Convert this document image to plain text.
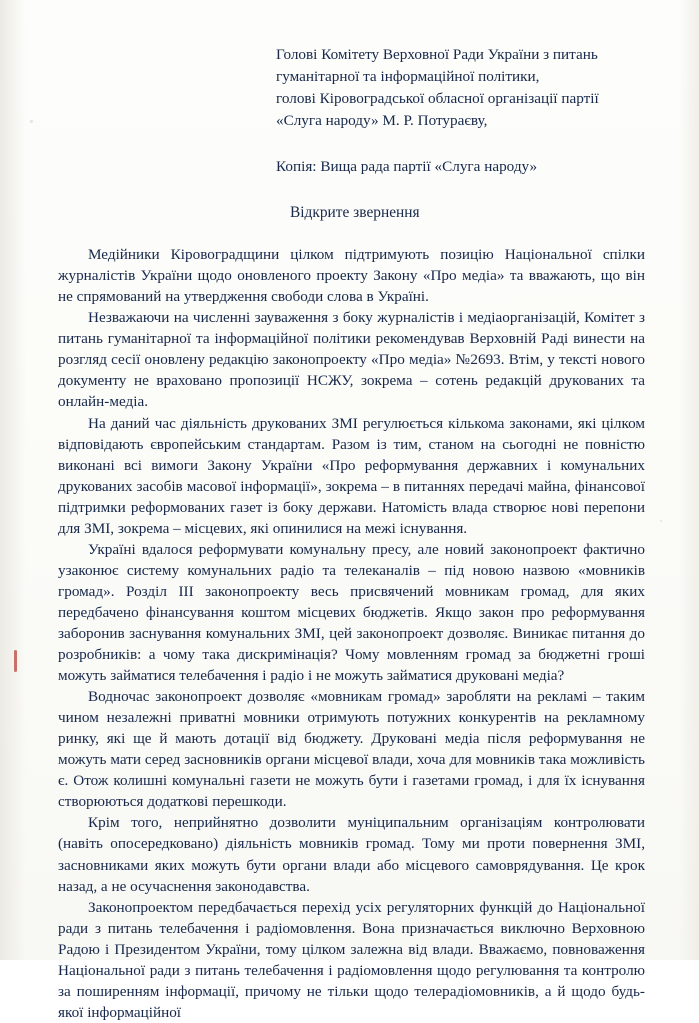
Голові Комітету Верховної Ради України з питань

гуманітарної та інформаційної політики,

голові Кіровоградської обласної організації партії

«Слуга народу» М. Р. Потураєву,

Копія: Вища рада партії «Слуга народу»
Відкрите звернення

Медійники Кіровоградщини цілком підтримують позицію Національної спілки журналістів України щодо оновленого проекту Закону «Про медіа» та вважають, що він не спрямований на утвердження свободи слова в Україні.

Незважаючи на численні зауваження з боку журналістів і медіаорганізацій, Комітет з питань гуманітарної та інформаційної політики рекомендував Верховній Раді винести на розгляд сесії оновлену редакцію законопроекту «Про медіа» №2693. Втім, у тексті нового документу не враховано пропозиції НСЖУ, зокрема – сотень редакцій друкованих та онлайн-медіа.

На даний час діяльність друкованих ЗМІ регулюється кількома законами, які цілком відповідають європейським стандартам. Разом із тим, станом на сьогодні не повністю виконані всі вимоги Закону України «Про реформування державних і комунальних друкованих засобів масової інформації», зокрема – в питаннях передачі майна, фінансової підтримки реформованих газет із боку держави. Натомість влада створює нові перепони для ЗМІ, зокрема – місцевих, які опинилися на межі існування.

Україні вдалося реформувати комунальну пресу, але новий законопроект фактично узаконює систему комунальних радіо та телеканалів – під новою назвою «мовників громад». Розділ III законопроекту весь присвячений мовникам громад, для яких передбачено фінансування коштом місцевих бюджетів. Якщо закон про реформування заборонив заснування комунальних ЗМІ, цей законопроект дозволяє. Виникає питання до розробників: а чому така дискримінація? Чому мовленням громад за бюджетні гроші можуть займатися телебачення і радіо і не можуть займатися друковані медіа?

Водночас законопроект дозволяє «мовникам громад» заробляти на рекламі – таким чином незалежні приватні мовники отримують потужних конкурентів на рекламному ринку, які ще й мають дотації від бюджету. Друковані медіа після реформування не можуть мати серед засновників органи місцевої влади, хоча для мовників така можливість є. Отож колишні комунальні газети не можуть бути і газетами громад, і для їх існування створюються додаткові перешкоди.

Крім того, неприйнятно дозволити муніципальним організаціям контролювати (навіть опосередковано) діяльність мовників громад. Тому ми проти повернення ЗМІ, засновниками яких можуть бути органи влади або місцевого самоврядування. Це крок назад, а не осучаснення законодавства.

Законопроектом передбачається перехід усіх регуляторних функцій до Національної ради з питань телебачення і радіомовлення. Вона призначається виключно Верховною Радою і Президентом України, тому цілком залежна від влади. Вважаємо, повноваження Національної ради з питань телебачення і радіомовлення щодо регулювання та контролю за поширенням інформації, причому не тільки щодо телерадіомовників, а й щодо будь-якої інформаційної
